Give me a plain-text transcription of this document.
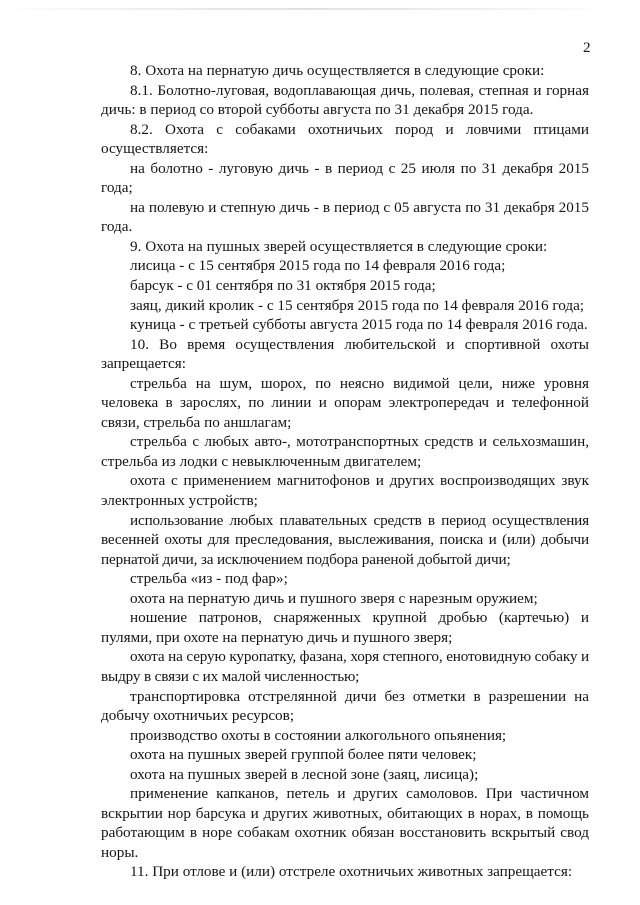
2

8. Охота на пернатую дичь осуществляется в следующие сроки:

8.1. Болотно-луговая, водоплавающая дичь, полевая, степная и горная дичь: в период со второй субботы августа по 31 декабря 2015 года.

8.2. Охота с собаками охотничьих пород и ловчими птицами осуществляется:

на болотно - луговую дичь - в период с 25 июля по 31 декабря 2015 года;

на полевую и степную дичь - в период с 05 августа по 31 декабря 2015 года.

9. Охота на пушных зверей осуществляется в следующие сроки:

лисица - с 15 сентября 2015 года по 14 февраля 2016 года;

барсук - с 01 сентября по 31 октября 2015 года;

заяц, дикий кролик - с 15 сентября 2015 года по 14 февраля 2016 года;

куница - с третьей субботы августа 2015 года по 14 февраля 2016 года.

10. Во время осуществления любительской и спортивной охоты запрещается:

стрельба на шум, шорох, по неясно видимой цели, ниже уровня человека в зарослях, по линии и опорам электропередач и телефонной связи, стрельба по аншлагам;

стрельба с любых авто-, мототранспортных средств и сельхозмашин, стрельба из лодки с невыключенным двигателем;

охота с применением магнитофонов и других воспроизводящих звук электронных устройств;

использование любых плавательных средств в период осуществления весенней охоты для преследования, выслеживания, поиска и (или) добычи пернатой дичи, за исключением подбора раненой добытой дичи;

стрельба «из - под фар»;

охота на пернатую дичь и пушного зверя с нарезным оружием;

ношение патронов, снаряженных крупной дробью (картечью) и пулями, при охоте на пернатую дичь и пушного зверя;

охота на серую куропатку, фазана, хоря степного, енотовидную собаку и выдру в связи с их малой численностью;

транспортировка отстрелянной дичи без отметки в разрешении на добычу охотничьих ресурсов;

производство охоты в состоянии алкогольного опьянения;

охота на пушных зверей группой более пяти человек;

охота на пушных зверей в лесной зоне (заяц, лисица);

применение капканов, петель и других самоловов. При частичном вскрытии нор барсука и других животных, обитающих в норах, в помощь работающим в норе собакам охотник обязан восстановить вскрытый свод норы.

11. При отлове и (или) отстреле охотничьих животных запрещается:
